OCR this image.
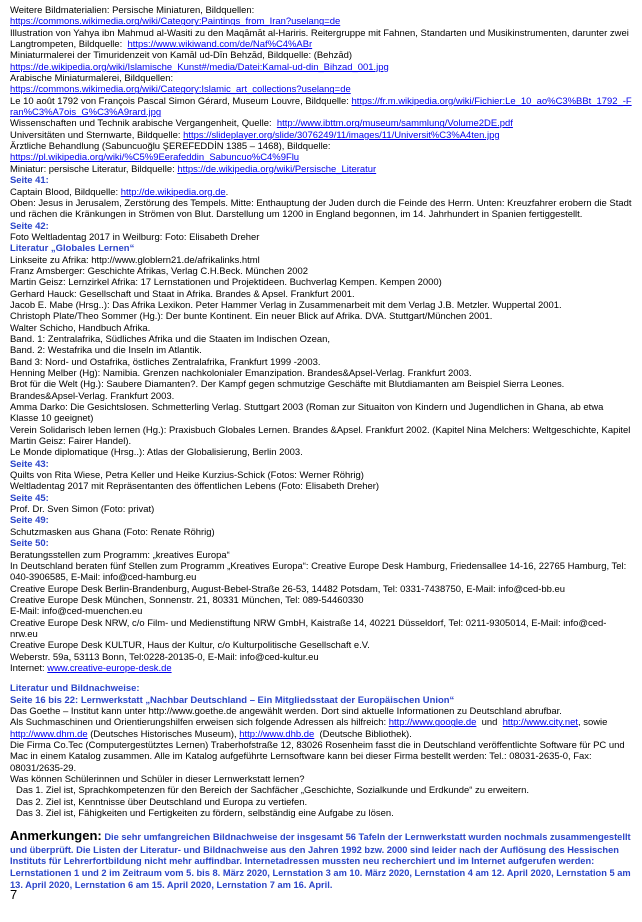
Weitere Bildmaterialien: Persische Miniaturen, Bildquellen:
https://commons.wikimedia.org/wiki/Category:Paintings_from_Iran?uselang=de

Illustration von Yahya ibn Mahmud al-Wasiti zu den Maqāmāt al-Hariris. Reitergruppe mit Fahnen, Standarten und Musikinstrumenten, darunter zwei Langtrompeten, Bildquelle: https://www.wikiwand.com/de/Naf%C4%ABr

Miniaturmalerei der Timuridenzeit von Kamāl ud-Dīn Behzād, Bildquelle: (Behzād)
https://de.wikipedia.org/wiki/Islamische_Kunst#/media/Datei:Kamal-ud-din_Bihzad_001.jpg

Arabische Miniaturmalerei, Bildquellen:
https://commons.wikimedia.org/wiki/Category:Islamic_art_collections?uselang=de

Le 10 août 1792 von François Pascal Simon Gérard, Museum Louvre, Bildquelle: https://fr.m.wikipedia.org/wiki/Fichier:Le_10_ao%C3%BBt_1792_-Fran%C3%A7ois_G%C3%A9rard.jpg

Wissenschaften und Technik arabische Vergangenheit, Quelle: http://www.ibttm.org/museum/sammlung/Volume2DE.pdf

Universitäten und Sternwarte, Bildquelle: https://slideplayer.org/slide/3076249/11/images/11/Universit%C3%A4ten.jpg

Ärztliche Behandlung (Sabuncuoğlu ŞEREFEDDİN 1385 – 1468), Bildquelle:
https://pl.wikipedia.org/wiki/%C5%9Eerafeddin_Sabuncuo%C4%9Flu

Miniatur: persische Literatur, Bildquelle: https://de.wikipedia.org/wiki/Persische_Literatur

Seite 41:

Captain Blood, Bildquelle: http://de.wikipedia.org.de.

Oben: Jesus in Jerusalem, Zerstörung des Tempels. Mitte: Enthauptung der Juden durch die Feinde des Herrn. Unten: Kreuzfahrer erobern die Stadt und rächen die Kränkungen in Strömen von Blut. Darstellung um 1200 in England begonnen, im 14. Jahrhundert in Spanien fertiggestellt.

Seite 42:

Foto Weltladentag 2017 in Weilburg: Foto: Elisabeth Dreher

Literatur „Globales Lernen“

Linkseite zu Afrika: http://www.globlern21.de/afrikalinks.html

Franz Amsberger: Geschichte Afrikas, Verlag C.H.Beck. München 2002

Martin Geisz: Lernzirkel Afrika: 17 Lernstationen und Projektideen. Buchverlag Kempen. Kempen 2000)

Gerhard Hauck: Gesellschaft und Staat in Afrika. Brandes & Apsel. Frankfurt 2001.

Jacob E. Mabe (Hrsg..): Das Afrika Lexikon. Peter Hammer Verlag in Zusammenarbeit mit dem Verlag J.B. Metzler. Wuppertal 2001.

Christoph Plate/Theo Sommer (Hg.): Der bunte Kontinent. Ein neuer Blick auf Afrika. DVA. Stuttgart/München 2001.

Walter Schicho, Handbuch Afrika.

Band. 1: Zentralafrika, Südliches Afrika und die Staaten im Indischen Ozean,

Band. 2: Westafrika und die Inseln im Atlantik.

Band 3: Nord- und Ostafrika, östliches Zentralafrika, Frankfurt 1999 -2003.

Henning Melber (Hg): Namibia. Grenzen nachkolonialer Emanzipation. Brandes&Apsel-Verlag. Frankfurt 2003.

Brot für die Welt (Hg.): Saubere Diamanten?. Der Kampf gegen schmutzige Geschäfte mit Blutdiamanten am Beispiel Sierra Leones. Brandes&Apsel-Verlag. Frankfurt 2003.

Amma Darko: Die Gesichtslosen. Schmetterling Verlag. Stuttgart 2003 (Roman zur Situaiton von Kindern und Jugendlichen in Ghana, ab etwa Klasse 10 geeignet)

Verein Solidarisch leben lernen (Hg.): Praxisbuch Globales Lernen. Brandes &Apsel. Frankfurt 2002. (Kapitel Nina Melchers: Weltgeschichte, Kapitel Martin Geisz: Fairer Handel).

Le Monde diplomatique (Hrsg..): Atlas der Globalisierung, Berlin 2003.

Seite 43:

Quilts von Rita Wiese, Petra Keller und Heike Kurzius-Schick (Fotos: Werner Röhrig)

Weltladentag 2017 mit Repräsentanten des öffentlichen Lebens (Foto: Elisabeth Dreher)

Seite 45:

Prof. Dr. Sven Simon (Foto: privat)

Seite 49:

Schutzmasken aus Ghana (Foto: Renate Röhrig)

Seite 50:

Beratungsstellen zum Programm: „kreatives Europa“

In Deutschland beraten fünf Stellen zum Programm „Kreatives Europa“: Creative Europe Desk Hamburg, Friedensallee 14-16, 22765 Hamburg, Tel: 040-3906585, E-Mail: info@ced-hamburg.eu

Creative Europe Desk Berlin-Brandenburg, August-Bebel-Straße 26-53, 14482 Potsdam, Tel: 0331-7438750, E-Mail: info@ced-bb.eu

Creative Europe Desk München, Sonnenstr. 21, 80331 München, Tel: 089-54460330

E-Mail: info@ced-muenchen.eu

Creative Europe Desk NRW, c/o Film- und Medienstiftung NRW GmbH, Kaistraße 14, 40221 Düsseldorf, Tel: 0211-9305014, E-Mail: info@ced-nrw.eu

Creative Europe Desk KULTUR, Haus der Kultur, c/o Kulturpolitische Gesellschaft e.V.

Weberstr. 59a, 53113 Bonn, Tel:0228-20135-0, E-Mail: info@ced-kultur.eu

Internet: www.creative-europe-desk.de

Literatur und Bildnachweise:

Seite 16 bis 22: Lernwerkstatt „Nachbar Deutschland – Ein Mitgliedsstaat der Europäischen Union“

Das Goethe – Institut kann unter http://www.goethe.de angewählt werden. Dort sind aktuelle Informationen zu Deutschland abrufbar.

Als Suchmaschinen und Orientierungshilfen erweisen sich folgende Adressen als hilfreich: http://www.google.de und http://www.city.net, sowie http://www.dhm.de (Deutsches Historisches Museum), http://www.dhb.de (Deutsche Bibliothek).

Die Firma Co.Tec (Computergestütztes Lernen) Traberhofstraße 12, 83026 Rosenheim fasst die in Deutschland veröffentlichte Software für PC und Mac in einem Katalog zusammen. Alle im Katalog aufgeführte Lernsoftware kann bei dieser Firma bestellt werden: Tel.: 08031-2635-0, Fax: 08031/2635-29.

Was können Schülerinnen und Schüler in dieser Lernwerkstatt lernen?

Das 1. Ziel ist, Sprachkompetenzen für den Bereich der Sachfächer „Geschichte, Sozialkunde und Erdkunde“ zu erweitern.

Das 2. Ziel ist, Kenntnisse über Deutschland und Europa zu vertiefen.

Das 3. Ziel ist, Fähigkeiten und Fertigkeiten zu fördern, selbständig eine Aufgabe zu lösen.

Anmerkungen: Die sehr umfangreichen Bildnachweise der insgesamt 56 Tafeln der Lernwerkstatt wurden nochmals zusammengestellt und überprüft. Die Listen der Literatur- und Bildnachweise aus den Jahren 1992 bzw. 2000 sind leider nach der Auflösung des Hessischen Instituts für Lehrerfortbildung nicht mehr auffindbar. Internetadressen mussten neu recherchiert und im Internet aufgerufen werden: Lernstationen 1 und 2 im Zeitraum vom 5. bis 8. März 2020, Lernstation 3 am 10. März 2020, Lernstation 4 am 12. April 2020, Lernstation 5 am 13. April 2020, Lernstation 6 am 15. April 2020, Lernstation 7 am 16. April.
7
